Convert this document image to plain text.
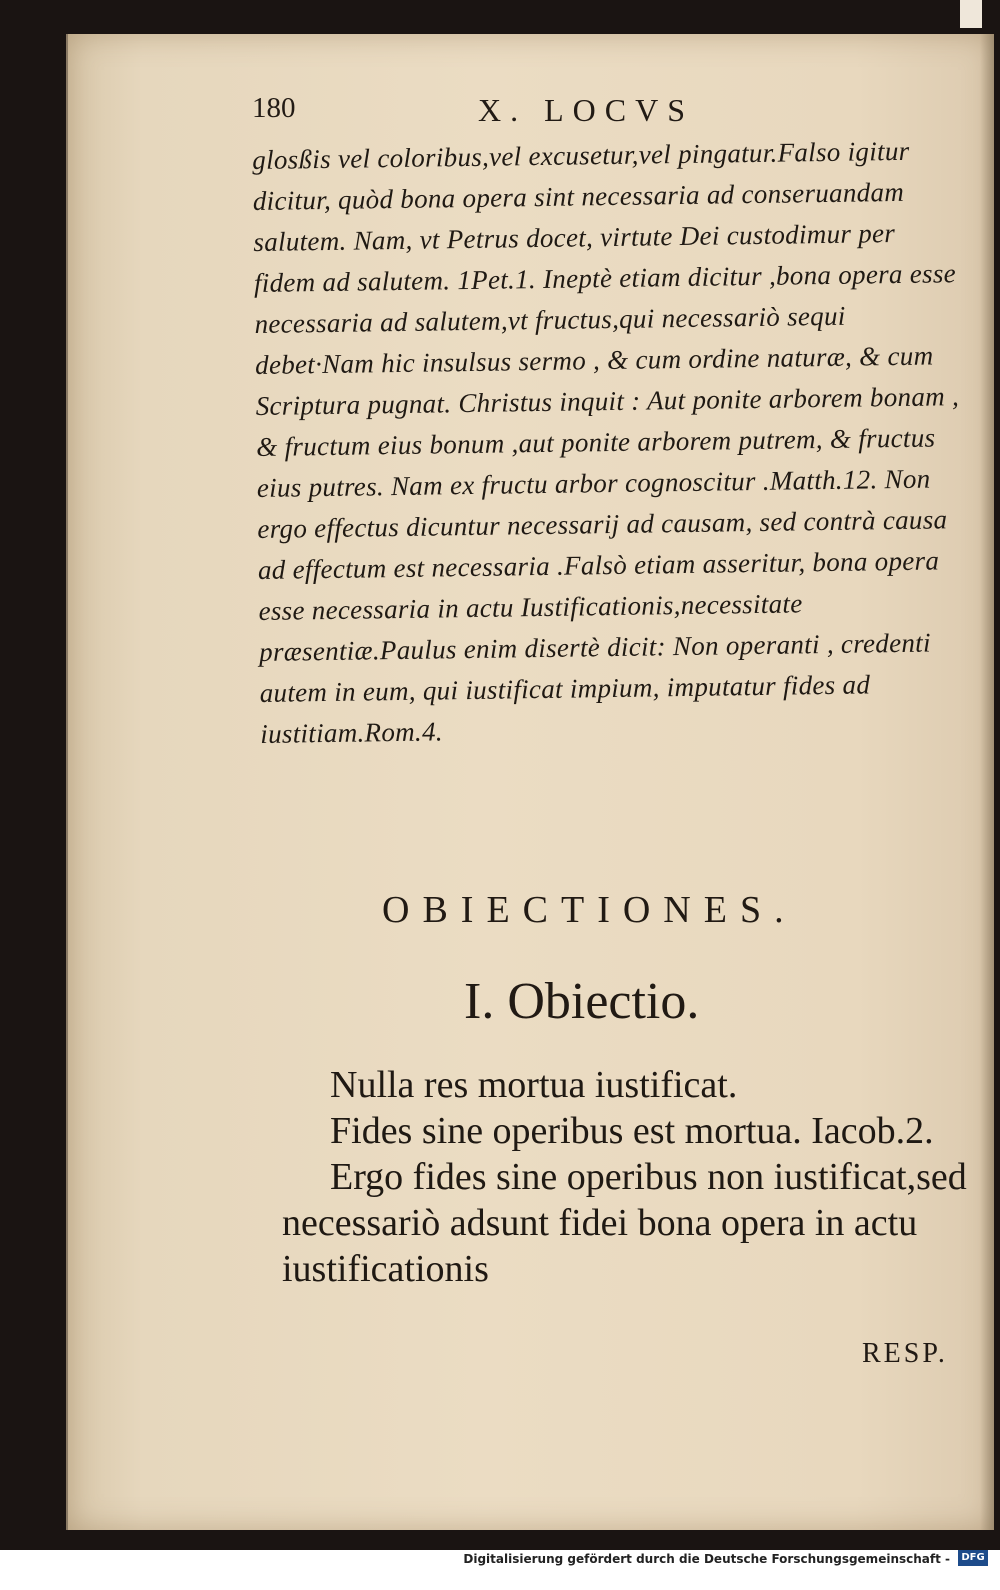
180	X. LOCVS

glosßis vel coloribus,vel excusetur,vel pingatur.Falso igitur dicitur, quòd bona opera sint necessaria ad conseruandam salutem. Nam, vt Petrus docet, virtute Dei custodimur per fidem ad salutem. 1Pet.1. Ineptè etiam dicitur ,bona opera esse necessaria ad salutem,vt fructus,qui necessariò sequi debet·Nam hic insulsus sermo , & cum ordine naturæ, & cum Scriptura pugnat. Christus inquit : Aut ponite arborem bonam , & fructum eius bonum ,aut ponite arborem putrem, & fructus eius putres. Nam ex fructu arbor cognoscitur .Matth.12. Non ergo effectus dicuntur necessarij ad causam, sed contrà causa ad effectum est necessaria .Falsò etiam asseritur, bona opera esse necessaria in actu Iustificationis,necessitate præsentiæ.Paulus enim disertè dicit: Non operanti , credenti autem in eum, qui iustificat impium, imputatur fides ad iustitiam.Rom.4.

OBIECTIONES.
I. Obiectio.

Nulla res mortua iustificat.

Fides sine operibus est mortua. Iacob.2.

Ergo fides sine operibus non iustificat,sed necessariò adsunt fidei bona opera in actu iustificationis

RESP.
Digitalisierung gefördert durch die Deutsche Forschungsgemeinschaft -	DFG
